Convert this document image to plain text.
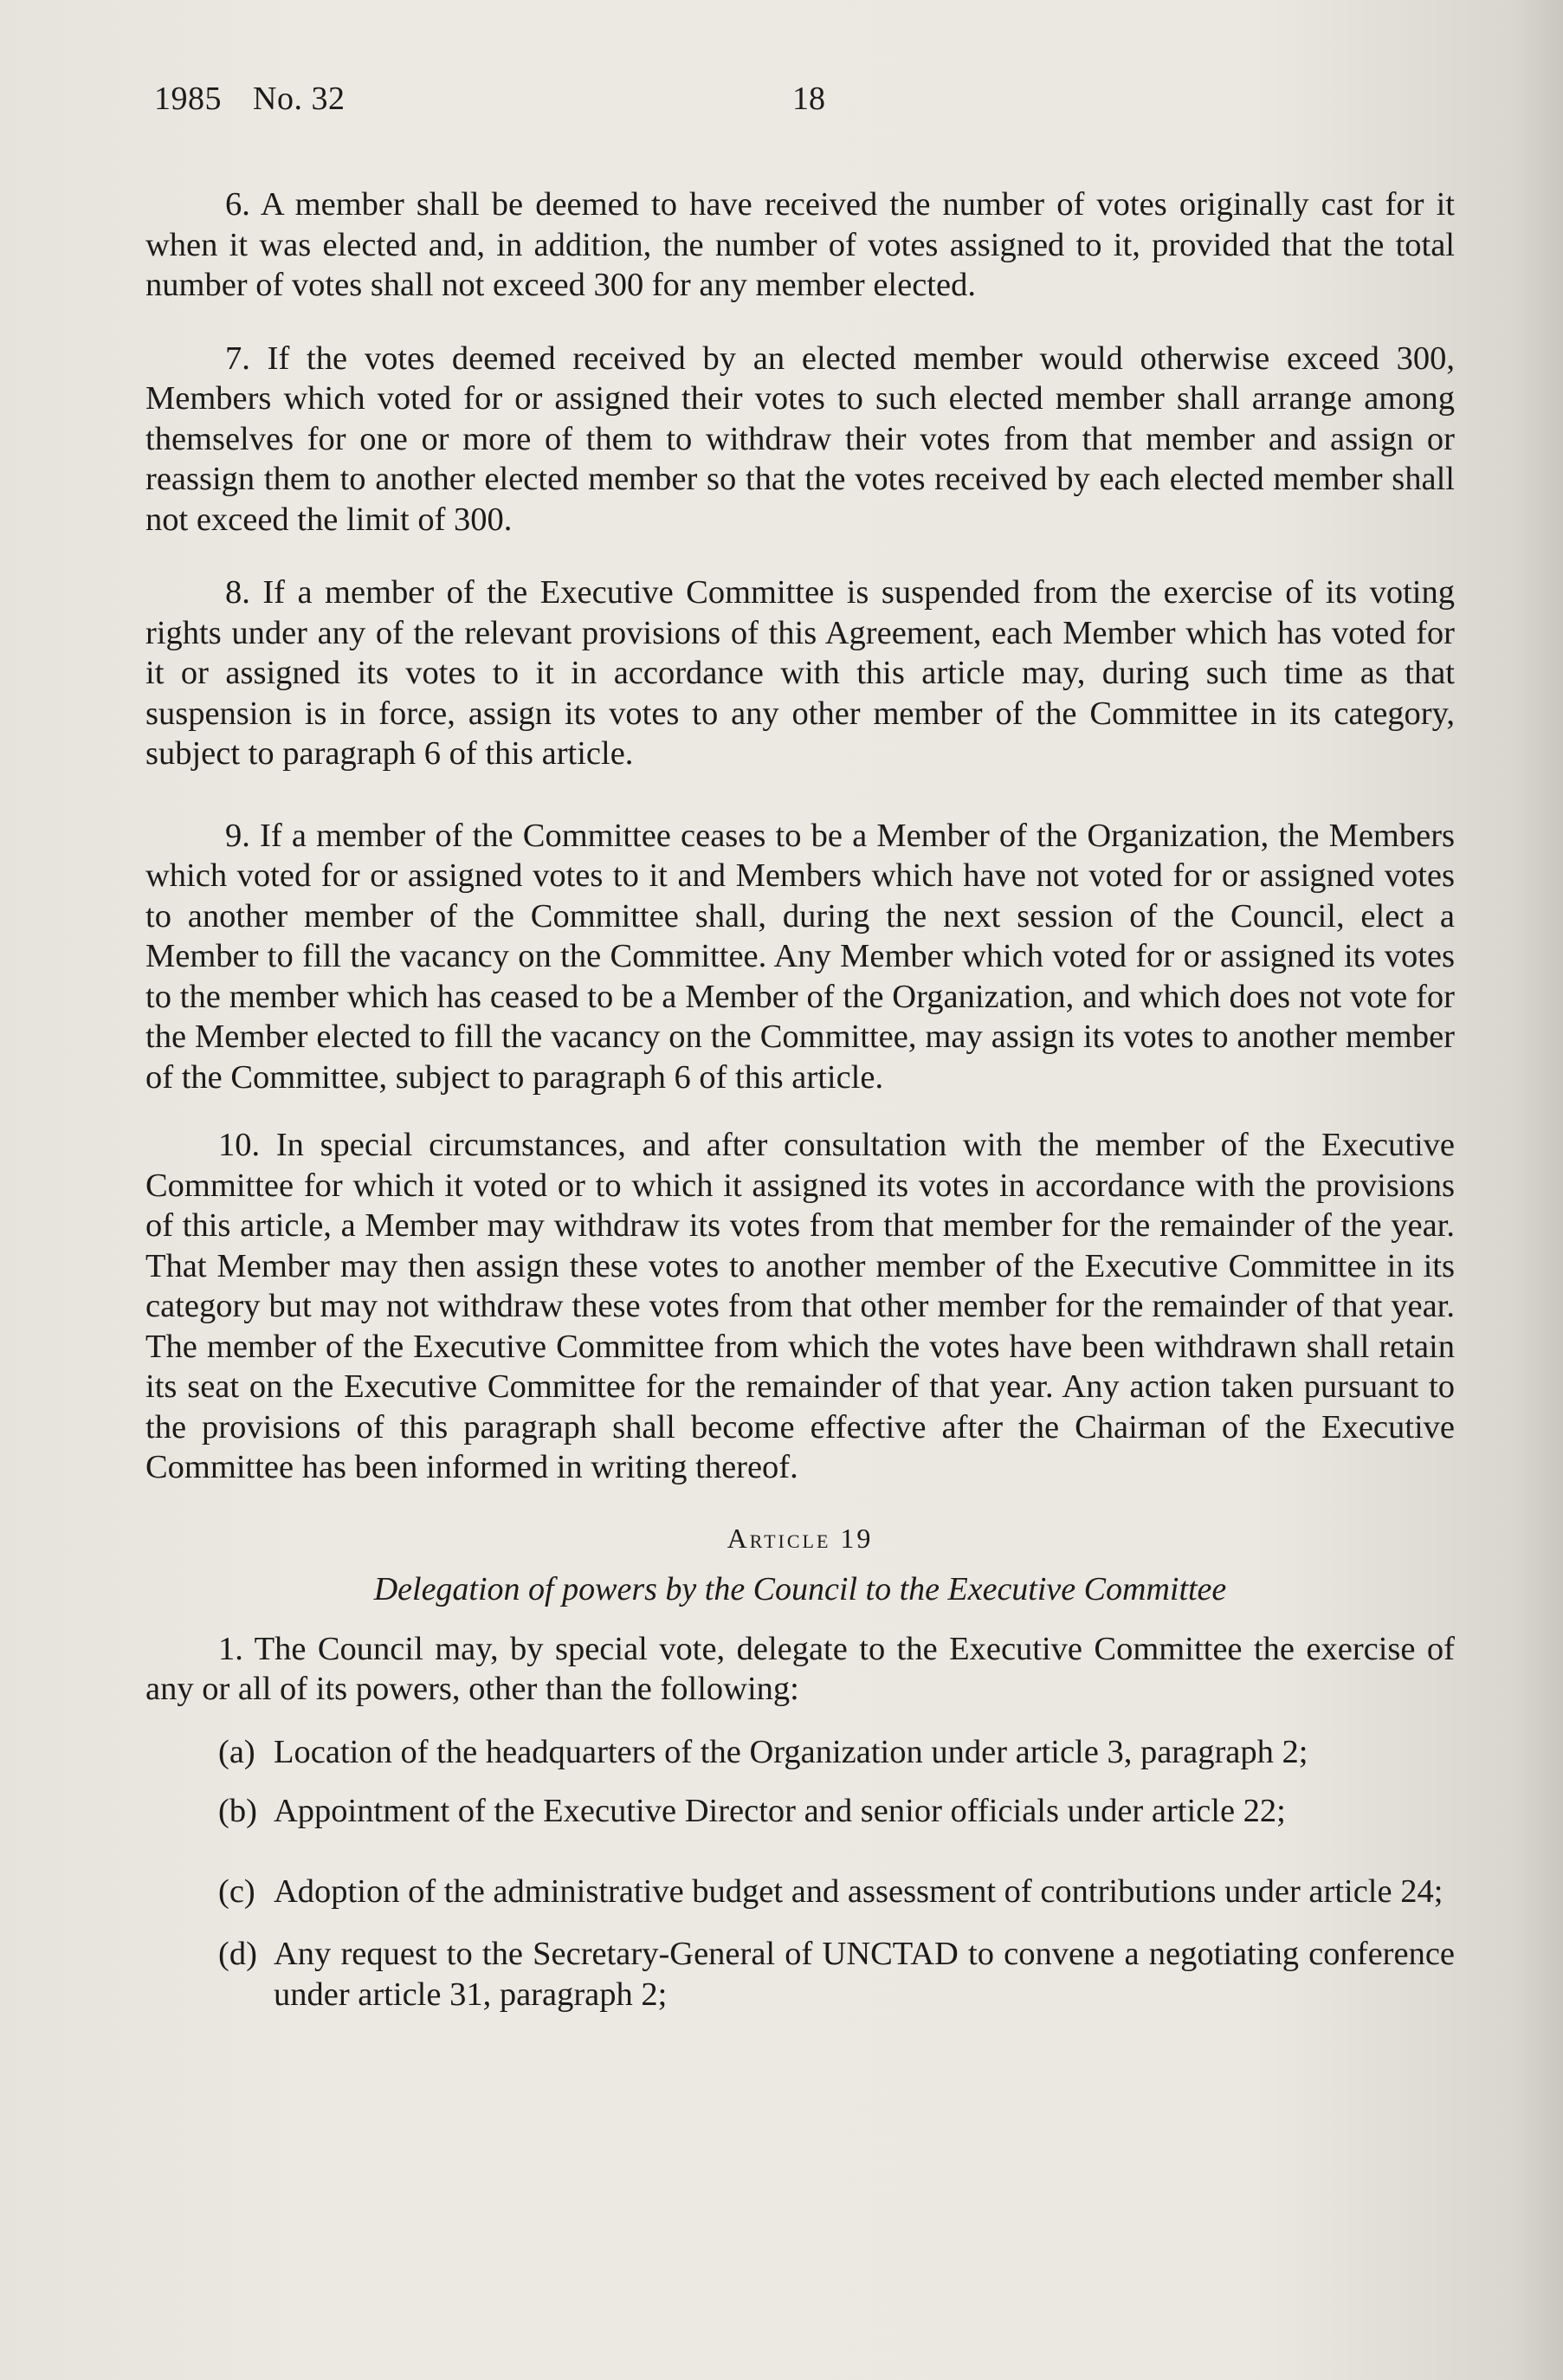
1985 No. 32	18

6. A member shall be deemed to have received the number of votes originally cast for it when it was elected and, in addition, the number of votes assigned to it, provided that the total number of votes shall not exceed 300 for any member elected.

7. If the votes deemed received by an elected member would otherwise exceed 300, Members which voted for or assigned their votes to such elected member shall arrange among themselves for one or more of them to withdraw their votes from that member and assign or reassign them to another elected member so that the votes received by each elected member shall not exceed the limit of 300.

8. If a member of the Executive Committee is suspended from the exercise of its voting rights under any of the relevant provisions of this Agreement, each Member which has voted for it or assigned its votes to it in accordance with this article may, during such time as that suspension is in force, assign its votes to any other member of the Committee in its category, subject to paragraph 6 of this article.

9. If a member of the Committee ceases to be a Member of the Organization, the Members which voted for or assigned votes to it and Members which have not voted for or assigned votes to another member of the Committee shall, during the next session of the Council, elect a Member to fill the vacancy on the Committee. Any Member which voted for or assigned its votes to the member which has ceased to be a Member of the Organization, and which does not vote for the Member elected to fill the vacancy on the Committee, may assign its votes to another member of the Committee, subject to paragraph 6 of this article.

10. In special circumstances, and after consultation with the member of the Executive Committee for which it voted or to which it assigned its votes in accordance with the provisions of this article, a Member may withdraw its votes from that member for the remainder of the year. That Member may then assign these votes to another member of the Executive Committee in its category but may not withdraw these votes from that other member for the remainder of that year. The member of the Executive Committee from which the votes have been withdrawn shall retain its seat on the Executive Committee for the remainder of that year. Any action taken pursuant to the provisions of this paragraph shall become effective after the Chairman of the Executive Committee has been informed in writing thereof.

Article 19

Delegation of powers by the Council to the Executive Committee

1. The Council may, by special vote, delegate to the Executive Committee the exercise of any or all of its powers, other than the following:

(a) Location of the headquarters of the Organization under article 3, paragraph 2;
(b) Appointment of the Executive Director and senior officials under article 22;
(c) Adoption of the administrative budget and assessment of contributions under article 24;
(d) Any request to the Secretary-General of UNCTAD to convene a negotiating conference under article 31, paragraph 2;
